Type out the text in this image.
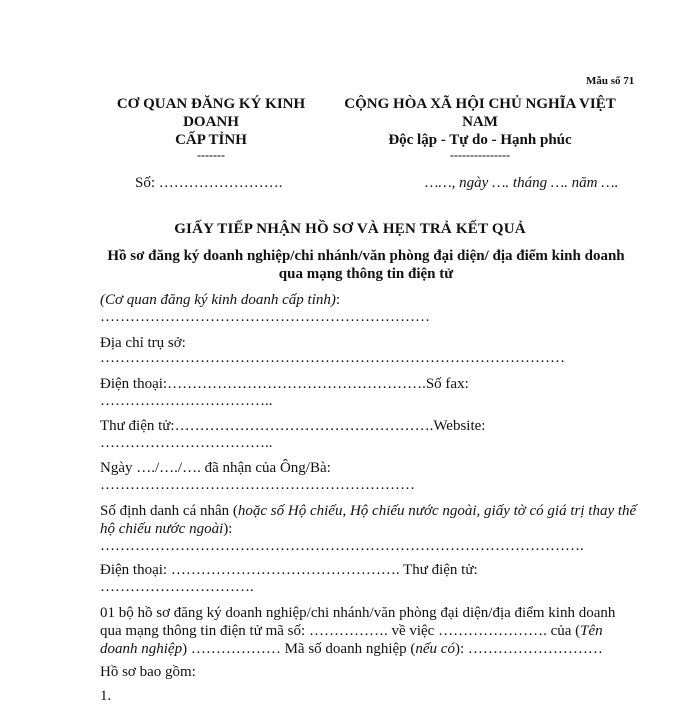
Mẫu số 71
CƠ QUAN ĐĂNG KÝ KINH DOANH
CẤP TỈNH
-------
CỘNG HÒA XÃ HỘI CHỦ NGHĨA VIỆT NAM
Độc lập - Tự do - Hạnh phúc
---------------
Số: …………………….	……, ngày …. tháng …. năm ….
GIẤY TIẾP NHẬN HỒ SƠ VÀ HẸN TRẢ KẾT QUẢ
Hồ sơ đăng ký doanh nghiệp/chi nhánh/văn phòng đại diện/ địa điểm kinh doanh qua mạng thông tin điện tử
(Cơ quan đăng ký kinh doanh cấp tỉnh):
…………………………………………………………
Địa chỉ trụ sở:
…………………………………………………………………………………
Điện thoại:…………………………………………….Số fax:
……………………………..
Thư điện tử:…………………………………………….Website:
……………………………..
Ngày …./…./…. đã nhận của Ông/Bà:
………………………………………………………
Số định danh cá nhân (hoặc số Hộ chiếu, Hộ chiếu nước ngoài, giấy tờ có giá trị thay thế hộ chiếu nước ngoài):
…………………………………………………………………………………….
Điện thoại: ………………………………………. Thư điện tử:
………………………….
01 bộ hồ sơ đăng ký doanh nghiệp/chi nhánh/văn phòng đại diện/địa điểm kinh doanh qua mạng thông tin điện tử mã số: ……………. về việc …………………. của (Tên doanh nghiệp) ……………… Mã số doanh nghiệp (nếu có): ………………………
Hồ sơ bao gồm:
1.
